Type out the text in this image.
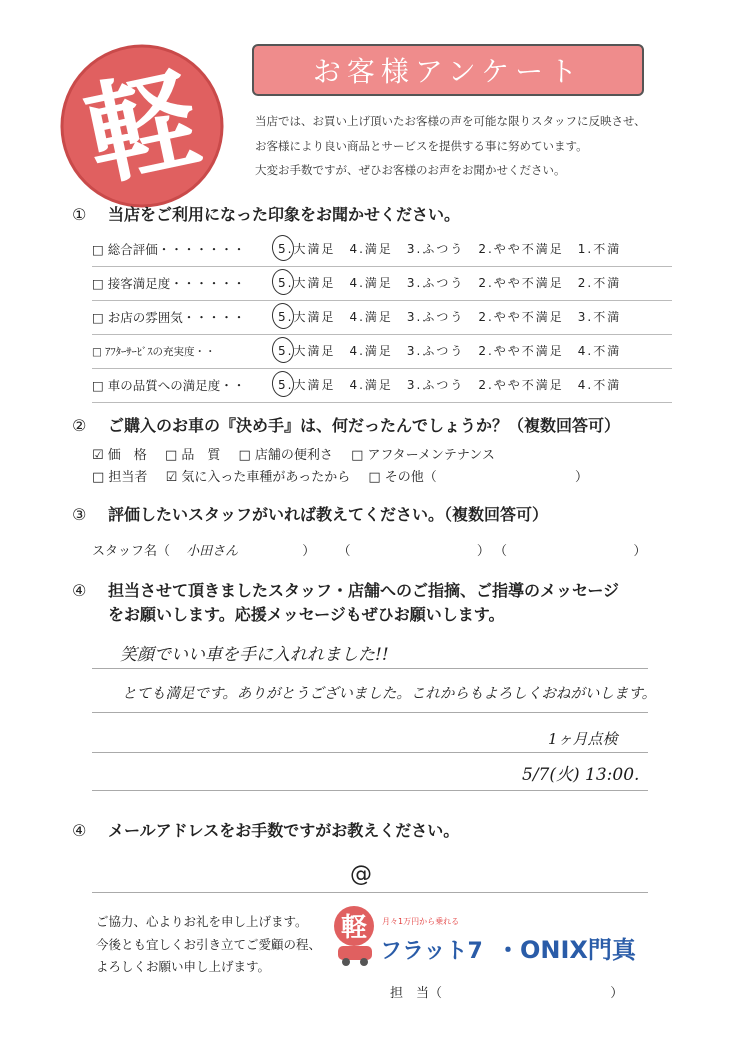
軽	お客様アンケート
当店では、お買い上げ頂いたお客様の声を可能な限りスタッフに反映させ、
お客様により良い商品とサービスを提供する事に努めています。
大変お手数ですが、ぜひお客様のお声をお聞かせください。
① 当店をご利用になった印象をお聞かせください。
□ 総合評価・・・・・・・	5.大満足　4.満足　3.ふつう　2.やや不満足　1.不満
□ 接客満足度・・・・・・	5.大満足　4.満足　3.ふつう　2.やや不満足　2.不満
□ お店の雰囲気・・・・・	5.大満足　4.満足　3.ふつう　2.やや不満足　3.不満
□ ｱﾌﾀｰｻｰﾋﾞｽの充実度・・	5.大満足　4.満足　3.ふつう　2.やや不満足　4.不満
□ 車の品質への満足度・・	5.大満足　4.満足　3.ふつう　2.やや不満足　4.不満
② ご購入のお車の『決め手』は、何だったんでしょうか？（複数回答可）
☑ 価　格 □ 品　質 □ 店舗の便利さ □ アフターメンテナンス
□ 担当者 ☑ 気に入った車種があったから □ その他（	）
③ 評価したいスタッフがいれば教えてください。（複数回答可）
スタッフ名（ 小田さん	） （	） （	）
④ 担当させて頂きましたスタッフ・店舗へのご指摘、ご指導のメッセージ
をお願いします。応援メッセージもぜひお願いします。
笑顔でいい車を手に入れれました!!
とても満足です。ありがとうございました。これからもよろしくおねがいします。
1ヶ月点検
5/7(火) 13:00.
④ メールアドレスをお手数ですがお教えください。
@
ご協力、心よりお礼を申し上げます。
今後とも宜しくお引き立てご愛顧の程、
よろしくお願い申し上げます。
軽 月々1万円から乗れる
フラット7 ・ONIX門真
担　当（	）
